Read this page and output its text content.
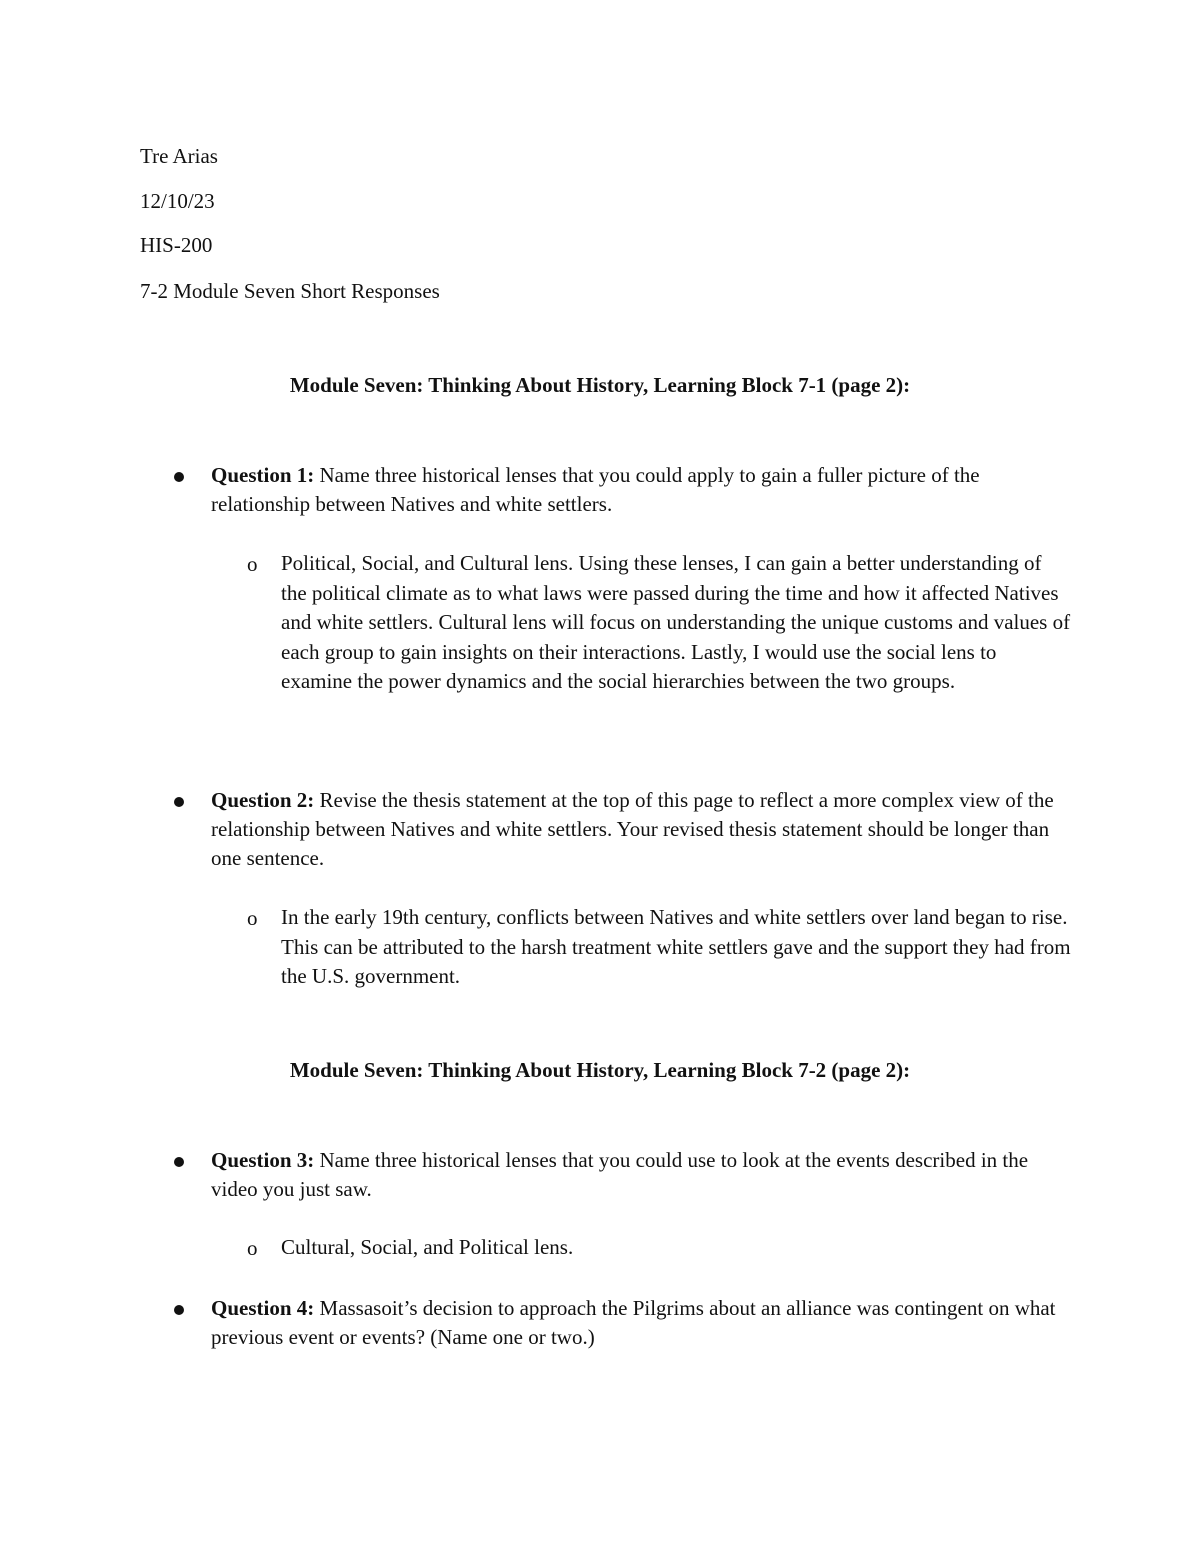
Tre Arias
12/10/23
HIS-200
7-2 Module Seven Short Responses
Module Seven: Thinking About History, Learning Block 7-1 (page 2):
Question 1: Name three historical lenses that you could apply to gain a fuller picture of the relationship between Natives and white settlers.
o Political, Social, and Cultural lens. Using these lenses, I can gain a better understanding of the political climate as to what laws were passed during the time and how it affected Natives and white settlers. Cultural lens will focus on understanding the unique customs and values of each group to gain insights on their interactions. Lastly, I would use the social lens to examine the power dynamics and the social hierarchies between the two groups.
Question 2: Revise the thesis statement at the top of this page to reflect a more complex view of the relationship between Natives and white settlers. Your revised thesis statement should be longer than one sentence.
o In the early 19th century, conflicts between Natives and white settlers over land began to rise. This can be attributed to the harsh treatment white settlers gave and the support they had from the U.S. government.
Module Seven: Thinking About History, Learning Block 7-2 (page 2):
Question 3: Name three historical lenses that you could use to look at the events described in the video you just saw.
o Cultural, Social, and Political lens.
Question 4: Massasoit’s decision to approach the Pilgrims about an alliance was contingent on what previous event or events? (Name one or two.)
